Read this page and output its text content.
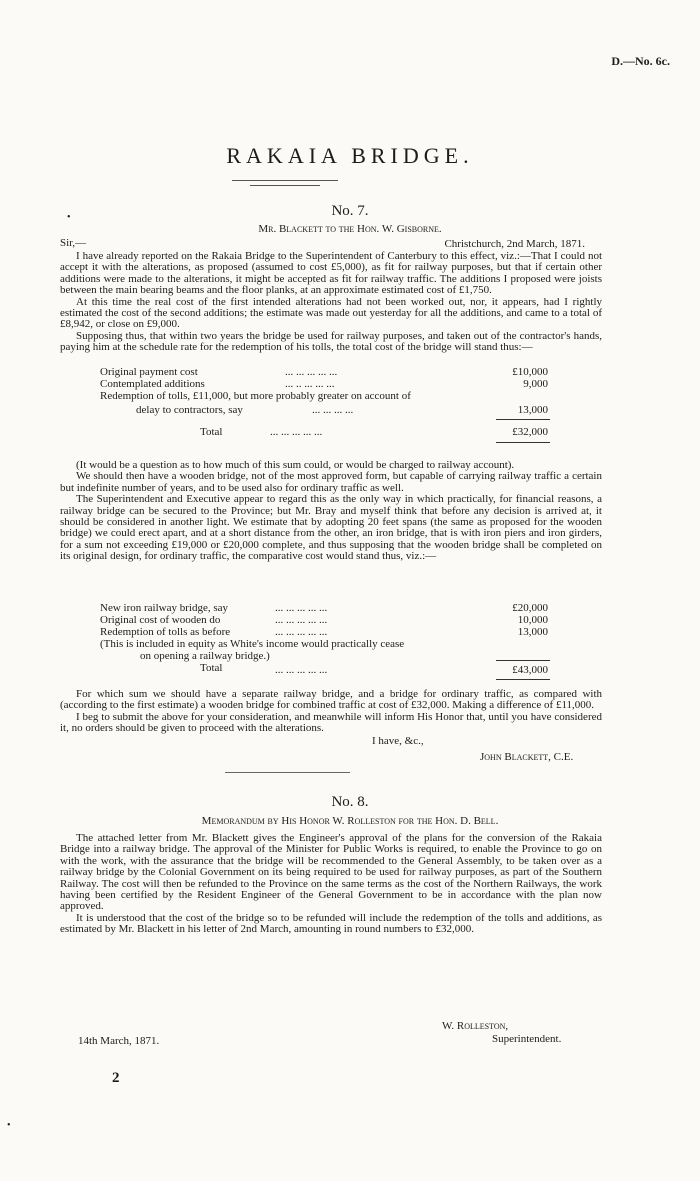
D.—No. 6c.
RAKAIA BRIDGE.
No. 7.
•
Mr. Blackett to the Hon. W. Gisborne.
Sir,—	Christchurch, 2nd March, 1871.

I have already reported on the Rakaia Bridge to the Superintendent of Canterbury to this effect, viz.:—That I could not accept it with the alterations, as proposed (assumed to cost £5,000), as fit for railway purposes, but that if certain other additions were made to the alterations, it might be accepted as fit for railway traffic. The additions I proposed were joists between the main bearing beams and the floor planks, at an approximate estimated cost of £1,750.

At this time the real cost of the first intended alterations had not been worked out, nor, it appears, had I rightly estimated the cost of the second additions; the estimate was made out yesterday for all the additions, and came to a total of £8,942, or close on £9,000.

Supposing thus, that within two years the bridge be used for railway purposes, and taken out of the contractor's hands, paying him at the schedule rate for the redemption of his tolls, the total cost of the bridge will stand thus:—

Original payment cost	... ... ... ... ...	£10,000
Contemplated additions	... .. ... ... ...	9,000
Redemption of tolls, £11,000, but more probably greater on account of
delay to contractors, say	... ... ... ...	13,000
Total	... ... ... ... ...	£32,000

(It would be a question as to how much of this sum could, or would be charged to railway account).

We should then have a wooden bridge, not of the most approved form, but capable of carrying railway traffic a certain but indefinite number of years, and to be used also for ordinary traffic as well.

The Superintendent and Executive appear to regard this as the only way in which practically, for financial reasons, a railway bridge can be secured to the Province; but Mr. Bray and myself think that before any decision is arrived at, it should be considered in another light. We estimate that by adopting 20 feet spans (the same as proposed for the wooden bridge) we could erect apart, and at a short distance from the other, an iron bridge, that is with iron piers and iron girders, for a sum not exceeding £19,000 or £20,000 complete, and thus supposing that the wooden bridge shall be completed on its original design, for ordinary traffic, the comparative cost would stand thus, viz.:—

New iron railway bridge, say	... ... ... ... ...	£20,000
Original cost of wooden do	... ... ... ... ...	10,000
Redemption of tolls as before	... ... ... ... ...	13,000
(This is included in equity as White's income would practically cease
on opening a railway bridge.)
Total	... ... ... ... ...	£43,000

For which sum we should have a separate railway bridge, and a bridge for ordinary traffic, as compared with (according to the first estimate) a wooden bridge for combined traffic at cost of £32,000. Making a difference of £11,000.

I beg to submit the above for your consideration, and meanwhile will inform His Honor that, until you have considered it, no orders should be given to proceed with the alterations.

I have, &c.,
John Blackett, C.E.
No. 8.
Memorandum by His Honor W. Rolleston for the Hon. D. Bell.

The attached letter from Mr. Blackett gives the Engineer's approval of the plans for the conversion of the Rakaia Bridge into a railway bridge. The approval of the Minister for Public Works is required, to enable the Province to go on with the work, with the assurance that the bridge will be recommended to the General Assembly, to be taken over as a railway bridge by the Colonial Government on its being required to be used for railway purposes, as part of the Southern Railway. The cost will then be refunded to the Province on the same terms as the cost of the Northern Railways, the work having been certified by the Resident Engineer of the General Government to be in accordance with the plan now approved.

It is understood that the cost of the bridge so to be refunded will include the redemption of the tolls and additions, as estimated by Mr. Blackett in his letter of 2nd March, amounting in round numbers to £32,000.

W. Rolleston,
Superintendent.
14th March, 1871.
2
•
